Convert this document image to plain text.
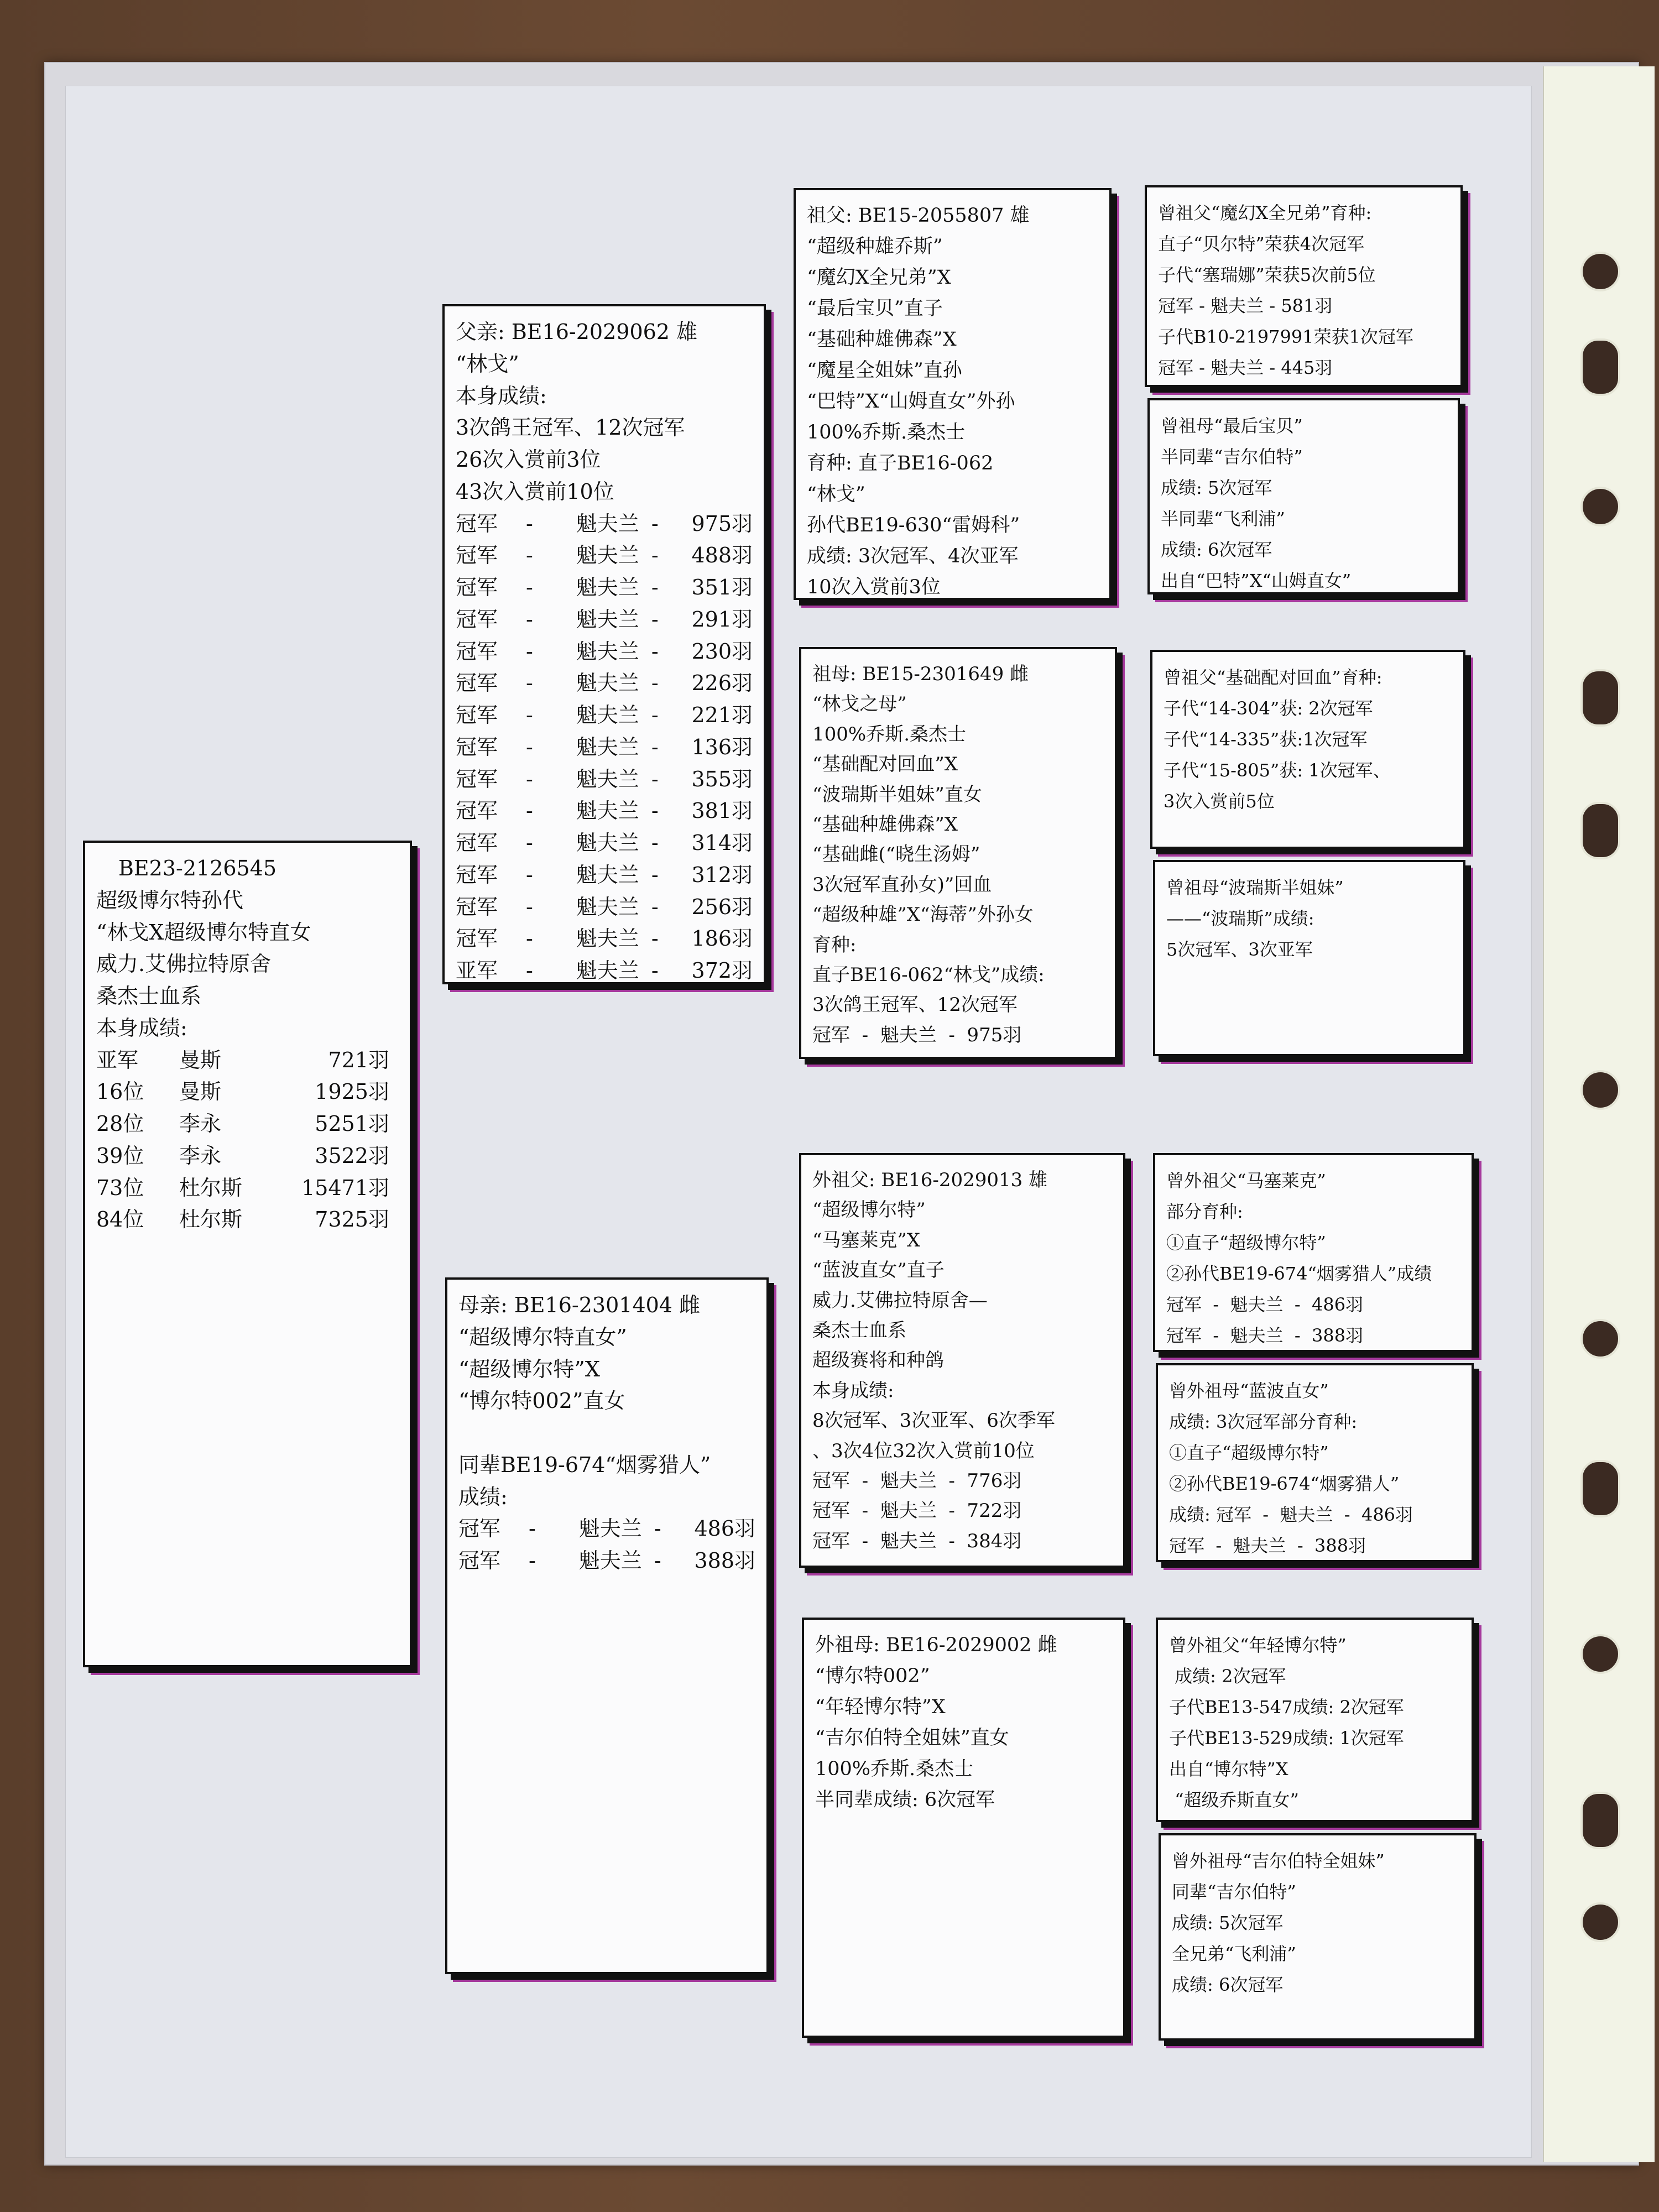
BE23-2126545
超级博尔特孙代
“林戈X超级博尔特直女
威力.艾佛拉特原舍
桑杰士血系
本身成绩:
亚军	曼斯	721羽
16位	曼斯	1925羽
28位	李永	5251羽
39位	李永	3522羽
73位	杜尔斯	15471羽
84位	杜尔斯	7325羽
父亲: BE16-2029062 雄
“林戈”
本身成绩:
3次鸽王冠军、12次冠军
26次入赏前3位
43次入赏前10位
冠军	-	魁夫兰 -	975羽
冠军	-	魁夫兰 -	488羽
冠军	-	魁夫兰 -	351羽
冠军	-	魁夫兰 -	291羽
冠军	-	魁夫兰 -	230羽
冠军	-	魁夫兰 -	226羽
冠军	-	魁夫兰 -	221羽
冠军	-	魁夫兰 -	136羽
冠军	-	魁夫兰 -	355羽
冠军	-	魁夫兰 -	381羽
冠军	-	魁夫兰 -	314羽
冠军	-	魁夫兰 -	312羽
冠军	-	魁夫兰 -	256羽
冠军	-	魁夫兰 -	186羽
亚军	-	魁夫兰 -	372羽
母亲: BE16-2301404 雌
“超级博尔特直女”
“超级博尔特”X
“博尔特002”直女

同辈BE19-674“烟雾猎人”
成绩:
冠军	-	魁夫兰 -	486羽
冠军	-	魁夫兰 -	388羽
祖父: BE15-2055807 雄
“超级种雄乔斯”
“魔幻X全兄弟”X
“最后宝贝”直子
“基础种雄佛森”X
“魔星全姐妹”直孙
“巴特”X“山姆直女”外孙
100%乔斯.桑杰士
育种: 直子BE16-062
“林戈”
孙代BE19-630“雷姆科”
成绩: 3次冠军、4次亚军
10次入赏前3位
祖母: BE15-2301649 雌
“林戈之母”
100%乔斯.桑杰士
“基础配对回血”X
“波瑞斯半姐妹”直女
“基础种雄佛森”X
“基础雌(“晓生汤姆”
3次冠军直孙女)”回血
“超级种雄”X“海蒂”外孙女
育种:
直子BE16-062“林戈”成绩:
3次鸽王冠军、12次冠军
冠军  -  魁夫兰  -  975羽
外祖父: BE16-2029013 雄
“超级博尔特”
“马塞莱克”X
“蓝波直女”直子
威力.艾佛拉特原舍—
桑杰士血系
超级赛将和种鸽
本身成绩:
8次冠军、3次亚军、6次季军
、3次4位32次入赏前10位
冠军  -  魁夫兰  -  776羽
冠军  -  魁夫兰  -  722羽
冠军  -  魁夫兰  -  384羽
外祖母: BE16-2029002 雌
“博尔特002”
“年轻博尔特”X
“吉尔伯特全姐妹”直女
100%乔斯.桑杰士
半同辈成绩: 6次冠军
曾祖父“魔幻X全兄弟”育种:
直子“贝尔特”荣获4次冠军
子代“塞瑞娜”荣获5次前5位
冠军 - 魁夫兰 - 581羽
子代B10-2197991荣获1次冠军
冠军 - 魁夫兰 - 445羽
曾祖母“最后宝贝”
半同辈“吉尔伯特”
成绩: 5次冠军
半同辈“飞利浦”
成绩: 6次冠军
出自“巴特”X“山姆直女”
曾祖父“基础配对回血”育种:
子代“14-304”获: 2次冠军
子代“14-335”获:1次冠军
子代“15-805”获: 1次冠军、
3次入赏前5位
曾祖母“波瑞斯半姐妹”
——“波瑞斯”成绩:
5次冠军、3次亚军
曾外祖父“马塞莱克”
部分育种:
①直子“超级博尔特”
②孙代BE19-674“烟雾猎人”成绩
冠军  -  魁夫兰  -  486羽
冠军  -  魁夫兰  -  388羽
曾外祖母“蓝波直女”
成绩: 3次冠军部分育种:
①直子“超级博尔特”
②孙代BE19-674“烟雾猎人”
成绩: 冠军  -  魁夫兰  -  486羽
冠军  -  魁夫兰  -  388羽
曾外祖父“年轻博尔特”
成绩: 2次冠军
子代BE13-547成绩: 2次冠军
子代BE13-529成绩: 1次冠军
出自“博尔特”X
“超级乔斯直女”
曾外祖母“吉尔伯特全姐妹”
同辈“吉尔伯特”
成绩: 5次冠军
全兄弟“飞利浦”
成绩: 6次冠军
